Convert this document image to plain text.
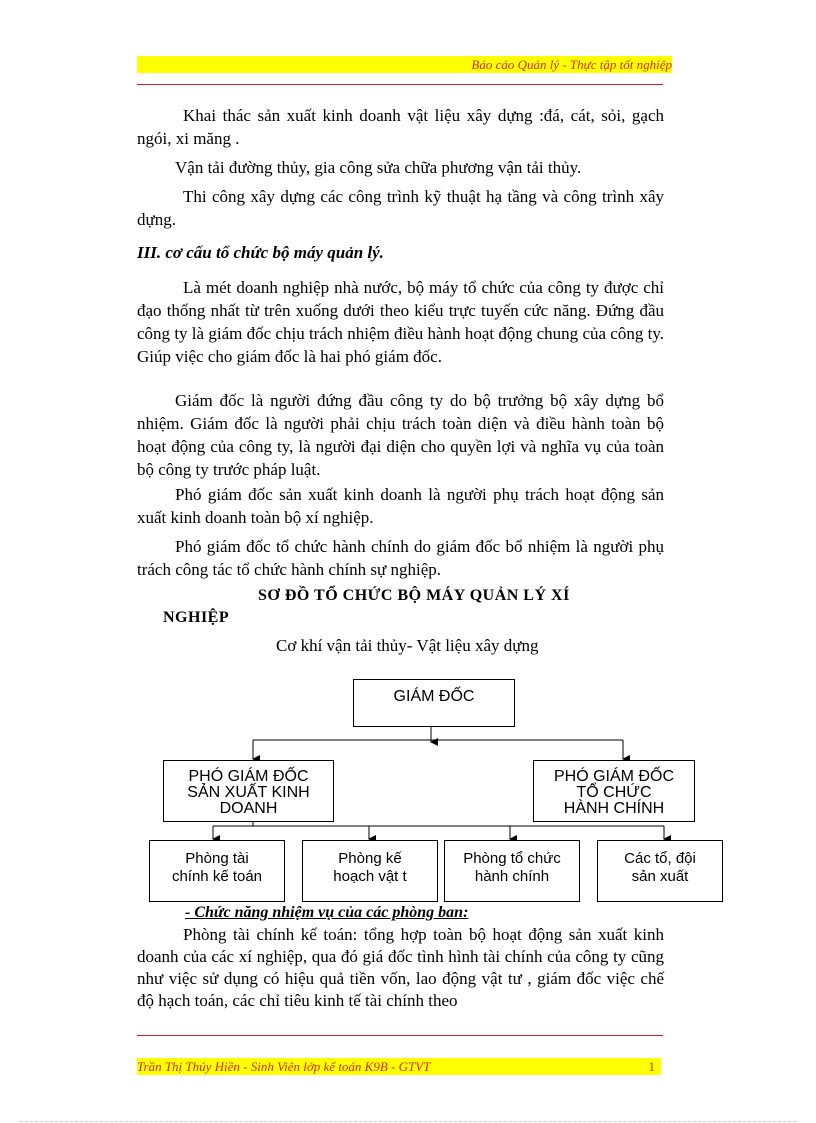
Báo cáo Quản lý - Thực tập tốt nghiệp
Khai thác sản xuất kinh doanh vật liệu xây dựng :đá, cát, sỏi, gạch ngói, xi măng .
Vận tải đường thủy, gia công sửa chữa phương vận tải thủy.
Thi công xây dựng các công trình kỹ thuật hạ tầng và công trình xây dựng.
III. cơ cấu tổ chức bộ máy quản lý.
Là mét doanh nghiệp nhà nước, bộ máy tổ chức của công ty được chỉ đạo thống nhất từ trên xuống dưới theo kiểu trực tuyến cức năng. Đứng đầu công ty là giám đốc chịu trách nhiệm điều hành hoạt động chung của công ty. Giúp việc cho giám đốc là hai phó giám đốc.
Giám đốc là người đứng đầu công ty do bộ trưởng bộ xây dựng bổ nhiệm. Giám đốc là người phải chịu trách toàn diện và điều hành toàn bộ hoạt động của công ty, là người đại diện cho quyền lợi và nghĩa vụ của toàn bộ công ty trước pháp luật.
Phó giám đốc sản xuất kinh doanh là người phụ trách hoạt động sản xuất kinh doanh toàn bộ xí nghiệp.
Phó giám đốc tổ chức hành chính do giám đốc bổ nhiệm là người phụ trách công tác tổ chức hành chính sự nghiệp.
SƠ ĐỒ TỔ CHỨC BỘ MÁY QUẢN LÝ XÍ
NGHIỆP
Cơ khí vận tải thủy- Vật liệu xây dựng
GIÁM ĐỐC
PHÓ GIÁM ĐỐC
SẢN XUẤT KINH
DOANH
PHÓ GIÁM ĐỐC
TỔ CHỨC
HÀNH CHÍNH
Phòng tài
chính kế toán
Phòng kế
hoạch vật t
Phòng tổ chức
hành chính
Các tổ, đội
sản xuất
- Chức năng nhiệm vụ của các phòng ban:
Phòng tài chính kế toán: tổng hợp toàn bộ hoạt động sản xuất kinh doanh của các xí nghiệp, qua đó giá đốc tình hình tài chính của công ty cũng như việc sử dụng có hiệu quả tiền vốn, lao động vật tư , giám đốc việc chế độ hạch toán, các chỉ tiêu kinh tế tài chính theo
Trần Thị Thúy Hiền - Sinh Viên lớp kế toán K9B - GTVT	1
